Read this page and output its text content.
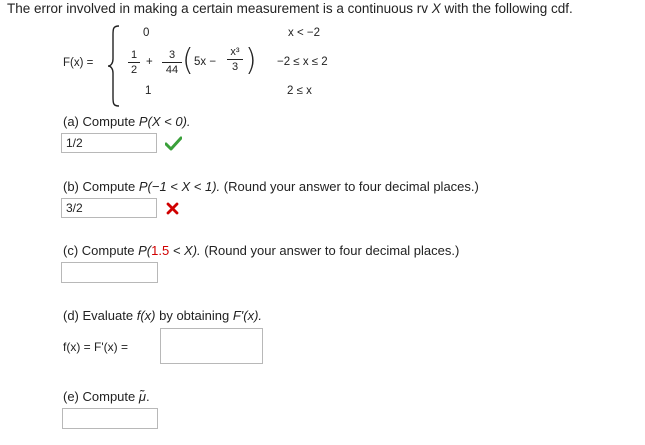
The error involved in making a certain measurement is a continuous rv X with the following cdf.
F(x) =
0	x < −2
1
2
+
3
44 ( 5x −
x³
3 ) −2 ≤ x ≤ 2
1	2 ≤ x
(a) Compute P(X < 0).
1/2
(b) Compute P(−1 < X < 1). (Round your answer to four decimal places.)
3/2
(c) Compute P(1.5 < X). (Round your answer to four decimal places.)
(d) Evaluate f(x) by obtaining F'(x).
f(x) = F'(x) =
(e) Compute μ̃.
